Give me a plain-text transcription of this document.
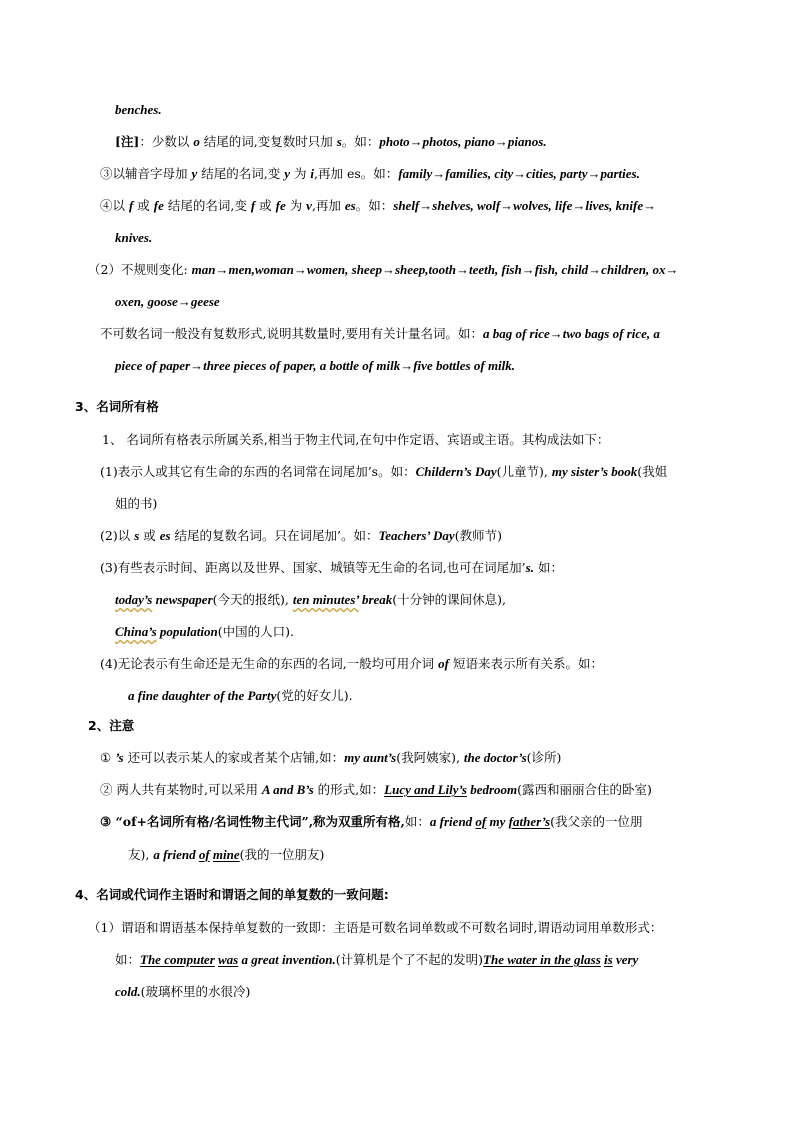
benches.
[注]：少数以 o 结尾的词,变复数时只加 s。如：photo→photos, piano→pianos.
③以辅音字母加 y 结尾的名词,变 y 为 i,再加 es。如：family→families, city→cities, party→parties.
④以 f 或 fe 结尾的名词,变 f 或 fe 为 v,再加 es。如：shelf→shelves, wolf→wolves, life→lives, knife→
knives.
（2）不规则变化: man→men,woman→women, sheep→sheep,tooth→teeth, fish→fish, child→children, ox→
oxen, goose→geese
不可数名词一般没有复数形式,说明其数量时,要用有关计量名词。如：a bag of rice→two bags of rice, a
piece of paper→three pieces of paper, a bottle of milk→five bottles of milk.
3、名词所有格
1、 名词所有格表示所属关系,相当于物主代词,在句中作定语、宾语或主语。其构成法如下：
(1)表示人或其它有生命的东西的名词常在词尾加’s。如：Childern’s Day(儿童节), my sister’s book(我姐
姐的书)
(2)以 s 或 es 结尾的复数名词。只在词尾加’。如：Teachers’ Day(教师节)
(3)有些表示时间、距离以及世界、国家、城镇等无生命的名词,也可在词尾加’s. 如：
today’s newspaper(今天的报纸), ten minutes’ break(十分钟的课间休息),
China’s population(中国的人口).
(4)无论表示有生命还是无生命的东西的名词,一般均可用介词 of 短语来表示所有关系。如：
a fine daughter of the Party(党的好女儿).
2、注意
① ’s 还可以表示某人的家或者某个店铺,如：my aunt’s(我阿姨家), the doctor’s(诊所)
② 两人共有某物时,可以采用 A and B’s 的形式,如：Lucy and Lily’s bedroom(露西和丽丽合住的卧室)
③ “of+名词所有格/名词性物主代词”,称为双重所有格,如：a friend of my father’s(我父亲的一位朋
友), a friend of mine(我的一位朋友)
4、名词或代词作主语时和谓语之间的单复数的一致问题:
（1）谓语和谓语基本保持单复数的一致即：主语是可数名词单数或不可数名词时,谓语动词用单数形式：
如：The computer was a great invention.(计算机是个了不起的发明)The water in the glass is very
cold.(玻璃杯里的水很冷)
